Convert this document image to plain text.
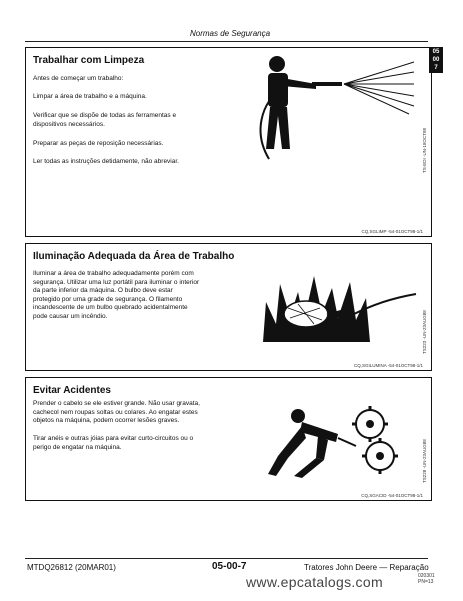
Normas de Segurança
05
00
7
Trabalhar com Limpeza
Antes de começar um trabalho:
Limpar a área de trabalho e a máquina.
Verificar que se dispõe de todas as ferramentas e
dispositivos necessários.
Preparar as peças de reposição necessárias.
Ler todas as instruções detidamente, não abreviar.	TS-EDI -UN-18OCT88
CQ,SGLIMP -54-01OCT98-1/1
Iluminação Adequada da Área de Trabalho
Iluminar a área de trabalho adequadamente porém com
segurança. Utilizar uma luz portátil para iluminar o interior
da parte inferior da máquina. O bulbo deve estar
protegido por uma grade de segurança. O filamento
incandescente de um bulbo quebrado acidentalmente
pode causar um incêndio.	TS223 -UN-23AUG88
CQ,SGILUMINA -54-01OCT98-1/1
Evitar Acidentes
Prender o cabelo se ele estiver grande. Não usar gravata,
cachecol nem roupas soltas ou colares. Ao engatar estes
objetos na máquina, podem ocorrer lesões graves.
Tirar anéis e outras jóias para evitar curto-circuitos ou o
perigo de engatar na máquina.	TS228 -UN-23AUG88
CQ,SGACID -54-01OCT98-1/1
MTDQ26812 (20MAR01)	05-00-7	Tratores John Deere — Reparação
020301
PN=13
www.epcatalogs.com
